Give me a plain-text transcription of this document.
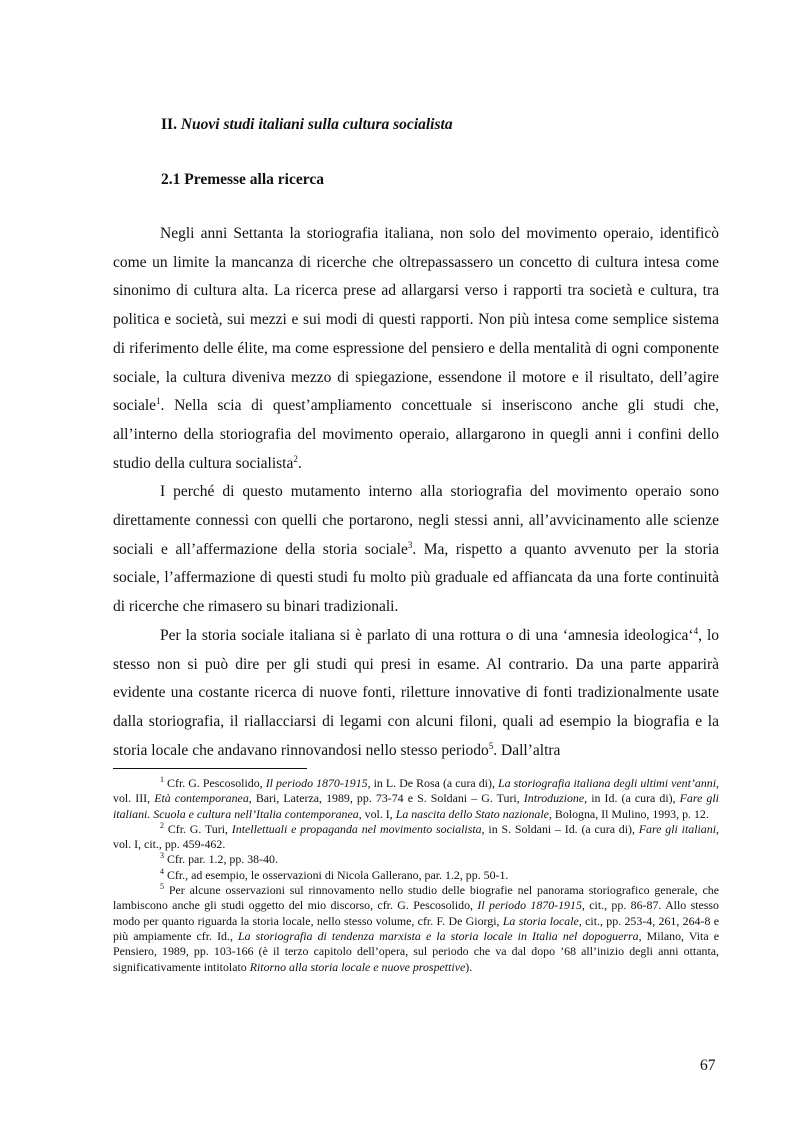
II. Nuovi studi italiani sulla cultura socialista
2.1 Premesse alla ricerca

Negli anni Settanta la storiografia italiana, non solo del movimento operaio, identificò come un limite la mancanza di ricerche che oltrepassassero un concetto di cultura intesa come sinonimo di cultura alta. La ricerca prese ad allargarsi verso i rapporti tra società e cultura, tra politica e società, sui mezzi e sui modi di questi rapporti. Non più intesa come semplice sistema di riferimento delle élite, ma come espressione del pensiero e della mentalità di ogni componente sociale, la cultura diveniva mezzo di spiegazione, essendone il motore e il risultato, dell’agire sociale$^1$. Nella scia di quest’ampliamento concettuale si inseriscono anche gli studi che, all’interno della storiografia del movimento operaio, allargarono in quegli anni i confini dello studio della cultura socialista$^2$.

I perché di questo mutamento interno alla storiografia del movimento operaio sono direttamente connessi con quelli che portarono, negli stessi anni, all’avvicinamento alle scienze sociali e all’affermazione della storia sociale$^3$. Ma, rispetto a quanto avvenuto per la storia sociale, l’affermazione di questi studi fu molto più graduale ed affiancata da una forte continuità di ricerche che rimasero su binari tradizionali.

Per la storia sociale italiana si è parlato di una rottura o di una ‘amnesia ideologica‘$^4$, lo stesso non si può dire per gli studi qui presi in esame. Al contrario. Da una parte apparirà evidente una costante ricerca di nuove fonti, riletture innovative di fonti tradizionalmente usate dalla storiografia, il riallacciarsi di legami con alcuni filoni, quali ad esempio la biografia e la storia locale che andavano rinnovandosi nello stesso periodo$^5$. Dall’altra

$^1$ Cfr. G. Pescosolido, Il periodo 1870-1915, in L. De Rosa (a cura di), La storiografia italiana degli ultimi vent’anni, vol. III, Età contemporanea, Bari, Laterza, 1989, pp. 73-74 e S. Soldani – G. Turi, Introduzione, in Id. (a cura di), Fare gli italiani. Scuola e cultura nell’Italia contemporanea, vol. I, La nascita dello Stato nazionale, Bologna, Il Mulino, 1993, p. 12.

$^2$ Cfr. G. Turi, Intellettuali e propaganda nel movimento socialista, in S. Soldani – Id. (a cura di), Fare gli italiani, vol. I, cit., pp. 459-462.

$^3$ Cfr. par. 1.2, pp. 38-40.

$^4$ Cfr., ad esempio, le osservazioni di Nicola Gallerano, par. 1.2, pp. 50-1.

$^5$ Per alcune osservazioni sul rinnovamento nello studio delle biografie nel panorama storiografico generale, che lambiscono anche gli studi oggetto del mio discorso, cfr. G. Pescosolido, Il periodo 1870-1915, cit., pp. 86-87. Allo stesso modo per quanto riguarda la storia locale, nello stesso volume, cfr. F. De Giorgi, La storia locale, cit., pp. 253-4, 261, 264-8 e più ampiamente cfr. Id., La storiografia di tendenza marxista e la storia locale in Italia nel dopoguerra, Milano, Vita e Pensiero, 1989, pp. 103-166 (è il terzo capitolo dell’opera, sul periodo che va dal dopo ’68 all’inizio degli anni ottanta, significativamente intitolato Ritorno alla storia locale e nuove prospettive).

67
